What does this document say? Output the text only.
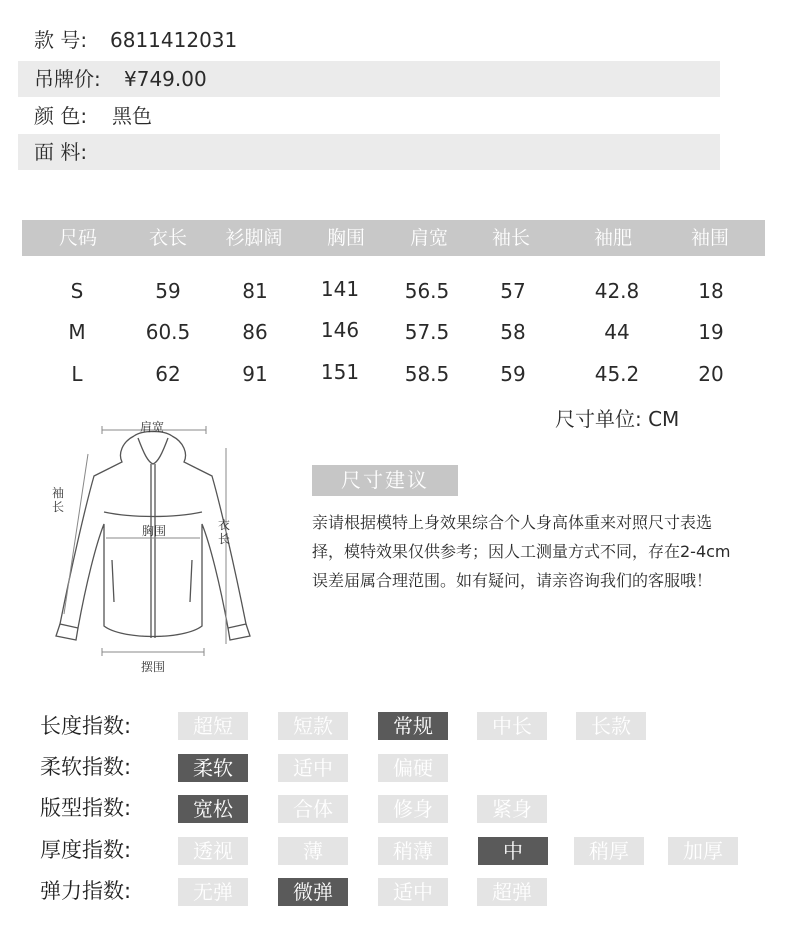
款 号: 6811412031
吊牌价: ¥749.00
颜 色: 黑色
面 料:
尺码	衣长	衫脚阔	胸围	肩宽	袖长	袖肥	袖围
S	59	81	141	56.5	57	42.8	18
M	60.5	86	146	57.5	58	44	19
L	62	91	151	58.5	59	45.2	20
尺寸单位: CM
肩宽
袖长
胸围	衣长
摆围
尺寸建议
亲请根据模特上身效果综合个人身高体重来对照尺寸表选择，模特效果仅供参考；因人工测量方式不同，存在2-4cm误差届属合理范围。如有疑问，请亲咨询我们的客服哦！
长度指数:	超短	短款	常规	中长	长款
柔软指数:	柔软	适中	偏硬
版型指数:	宽松	合体	修身	紧身
厚度指数:	透视	薄	稍薄	中	稍厚	加厚
弹力指数:	无弹	微弹	适中	超弹
